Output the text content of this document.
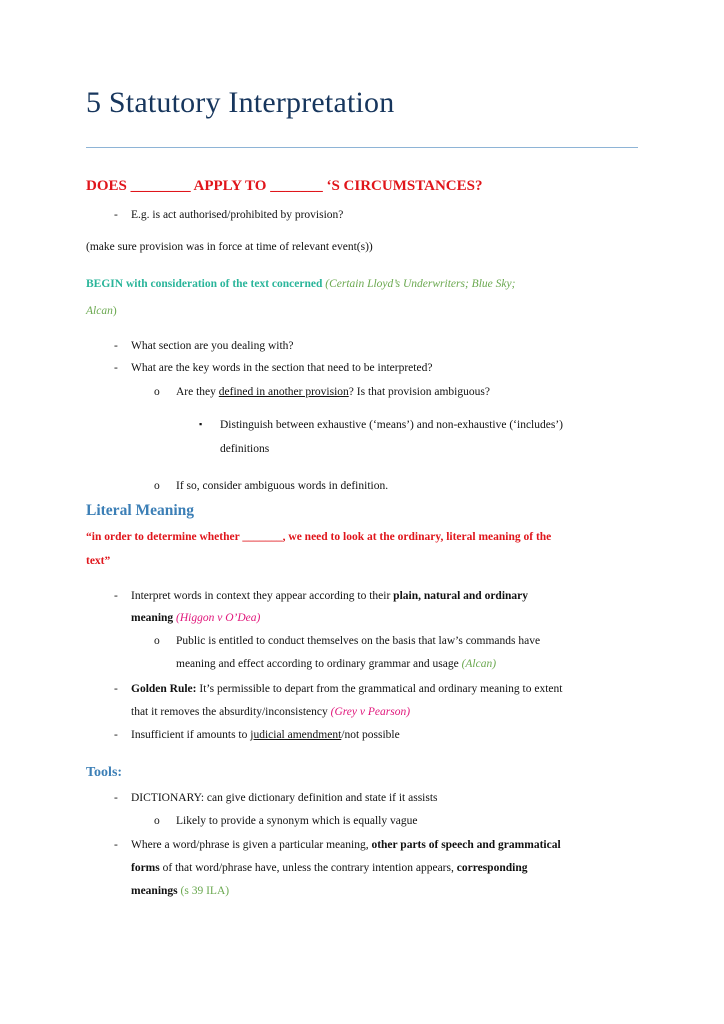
5 Statutory Interpretation
DOES ________ APPLY TO _______ ‘S CIRCUMSTANCES?
- E.g. is act authorised/prohibited by provision?
(make sure provision was in force at time of relevant event(s))
BEGIN with consideration of the text concerned (Certain Lloyd’s Underwriters; Blue Sky;
Alcan)
- What section are you dealing with?
- What are the key words in the section that need to be interpreted?
o Are they defined in another provision? Is that provision ambiguous?
▪ Distinguish between exhaustive (‘means’) and non-exhaustive (‘includes’)
definitions
o If so, consider ambiguous words in definition.
Literal Meaning
“in order to determine whether _______, we need to look at the ordinary, literal meaning of the
text”
- Interpret words in context they appear according to their plain, natural and ordinary
meaning (Higgon v O’Dea)
o Public is entitled to conduct themselves on the basis that law’s commands have
meaning and effect according to ordinary grammar and usage (Alcan)
- Golden Rule: It’s permissible to depart from the grammatical and ordinary meaning to extent
that it removes the absurdity/inconsistency (Grey v Pearson)
- Insufficient if amounts to judicial amendment/not possible
Tools:
- DICTIONARY: can give dictionary definition and state if it assists
o Likely to provide a synonym which is equally vague
- Where a word/phrase is given a particular meaning, other parts of speech and grammatical
forms of that word/phrase have, unless the contrary intention appears, corresponding
meanings (s 39 ILA)
